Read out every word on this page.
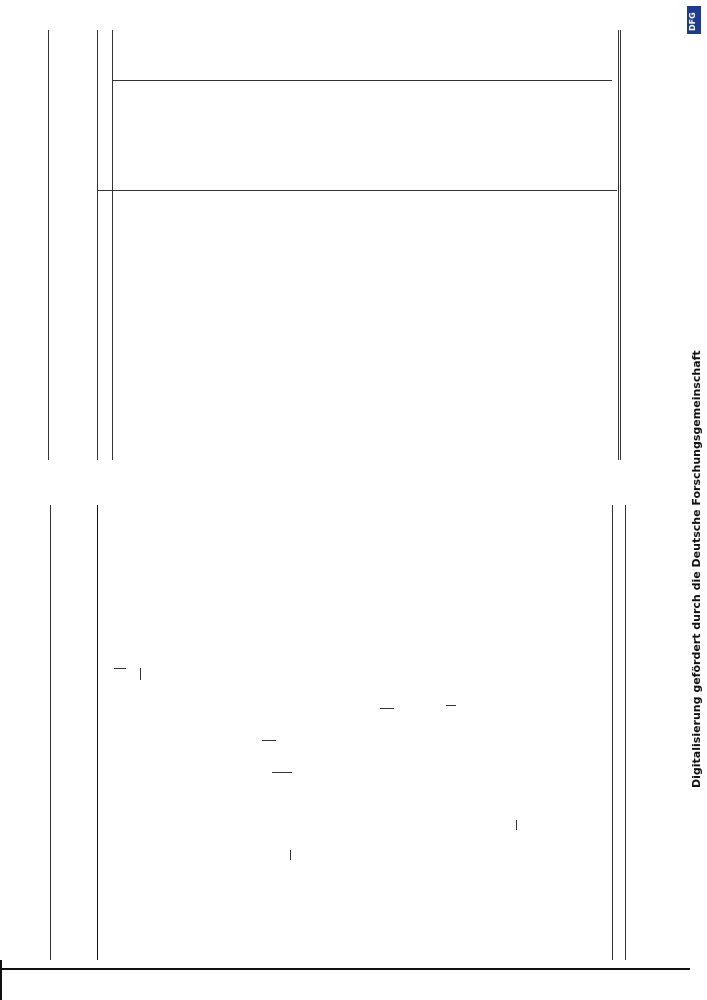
DFG
Digitalisierung gefördert durch die Deutsche Forschungsgemeinschaft
